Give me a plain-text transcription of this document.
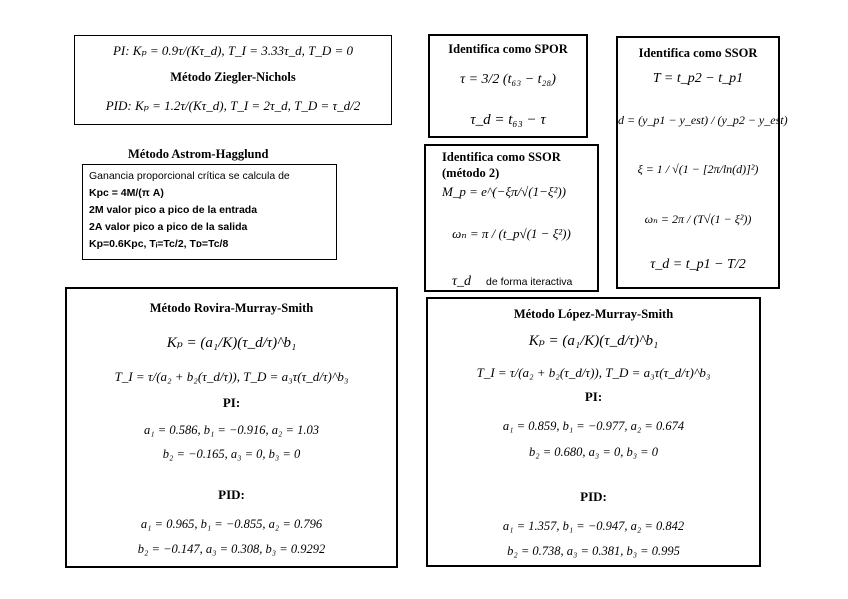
PI: Kₚ = 0.9τ/(Kτ_d), T_I = 3.33τ_d, T_D = 0
Método Ziegler-Nichols
PID: Kₚ = 1.2τ/(Kτ_d), T_I = 2τ_d, T_D = τ_d/2
Identifica como SPOR
τ = 3/2 (t₆₃ − t₂₈)
τ_d = t₆₃ − τ
Identifica como SSOR
T = t_p2 − t_p1
d = (y_p1 − y_est) / (y_p2 − y_est)
ξ = 1 / √(1 − [2π/ln(d)]²)
ωₙ = 2π / (T√(1 − ξ²))
τ_d = t_p1 − T/2
Identifica como SSOR
(método 2)
M_p = e^(−ξπ/√(1−ξ²))
ωₙ = π / (t_p√(1 − ξ²))
τ_d de forma iteractiva
Método Astrom-Hagglund
Ganancia proporcional crítica se calcula de
Kpc = 4M/(π A)
2M valor pico a pico de la entrada
2A valor pico a pico de la salida
Kp=0.6Kpc, Tᵢ=Tc/2, Tᴅ=Tc/8
Método Rovira-Murray-Smith
Kₚ = (a₁/K)(τ_d/τ)^b₁
T_I = τ/(a₂ + b₂(τ_d/τ)), T_D = a₃τ(τ_d/τ)^b₃
PI:
a₁ = 0.586, b₁ = −0.916, a₂ = 1.03
b₂ = −0.165, a₃ = 0, b₃ = 0
PID:
a₁ = 0.965, b₁ = −0.855, a₂ = 0.796
b₂ = −0.147, a₃ = 0.308, b₃ = 0.9292
Método López-Murray-Smith
Kₚ = (a₁/K)(τ_d/τ)^b₁
T_I = τ/(a₂ + b₂(τ_d/τ)), T_D = a₃τ(τ_d/τ)^b₃
PI:
a₁ = 0.859, b₁ = −0.977, a₂ = 0.674
b₂ = 0.680, a₃ = 0, b₃ = 0
PID:
a₁ = 1.357, b₁ = −0.947, a₂ = 0.842
b₂ = 0.738, a₃ = 0.381, b₃ = 0.995
